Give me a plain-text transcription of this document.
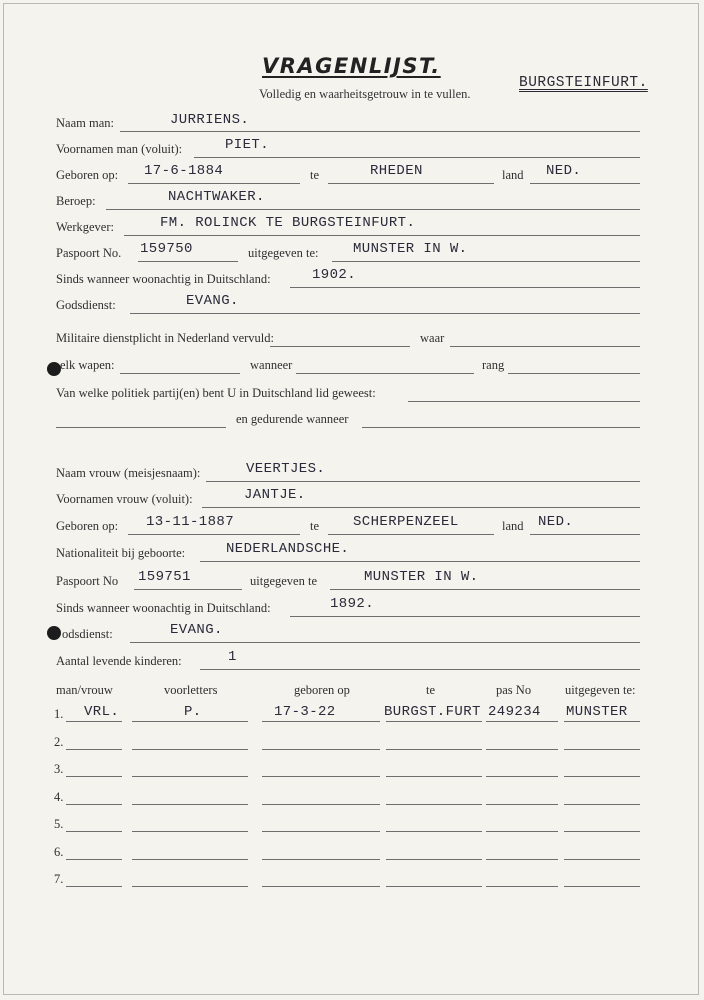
VRAGENLIJST.
Volledig en waarheitsgetrouw in te vullen.
BURGSTEINFURT.
Naam man:	JURRIENS.
Voornamen man (voluit):	PIET.
Geboren op: 17-6-1884	te	RHEDEN	land NED.
Beroep:	NACHTWAKER.
Werkgever:	FM. ROLINCK TE BURGSTEINFURT.
Paspoort No. 159750	uitgegeven te: MUNSTER IN W.
Sinds wanneer woonachtig in Duitschland:	1902.
Godsdienst:	EVANG.
Militaire dienstplicht in Nederland vervuld:	waar
elk wapen:	wanneer	rang
Van welke politiek partij(en) bent U in Duitschland lid geweest:
en gedurende wanneer
Naam vrouw (meisjesnaam):	VEERTJES.
Voornamen vrouw (voluit):	JANTJE.
Geboren op: 13-11-1887	te SCHERPENZEEL	land NED.
Nationaliteit bij geboorte:	NEDERLANDSCHE.
Paspoort No 159751	uitgegeven te	MUNSTER IN W.
Sinds wanneer woonachtig in Duitschland:	1892.
odsdienst:	EVANG.
Aantal levende kinderen:	1
man/vrouw	voorletters	geboren op	te	pas No	uitgegeven te:
1. VRL.	P.	17-3-22	BURGST.FURT 249234 MUNSTER
2.
3.
4.
5.
6.
7.
